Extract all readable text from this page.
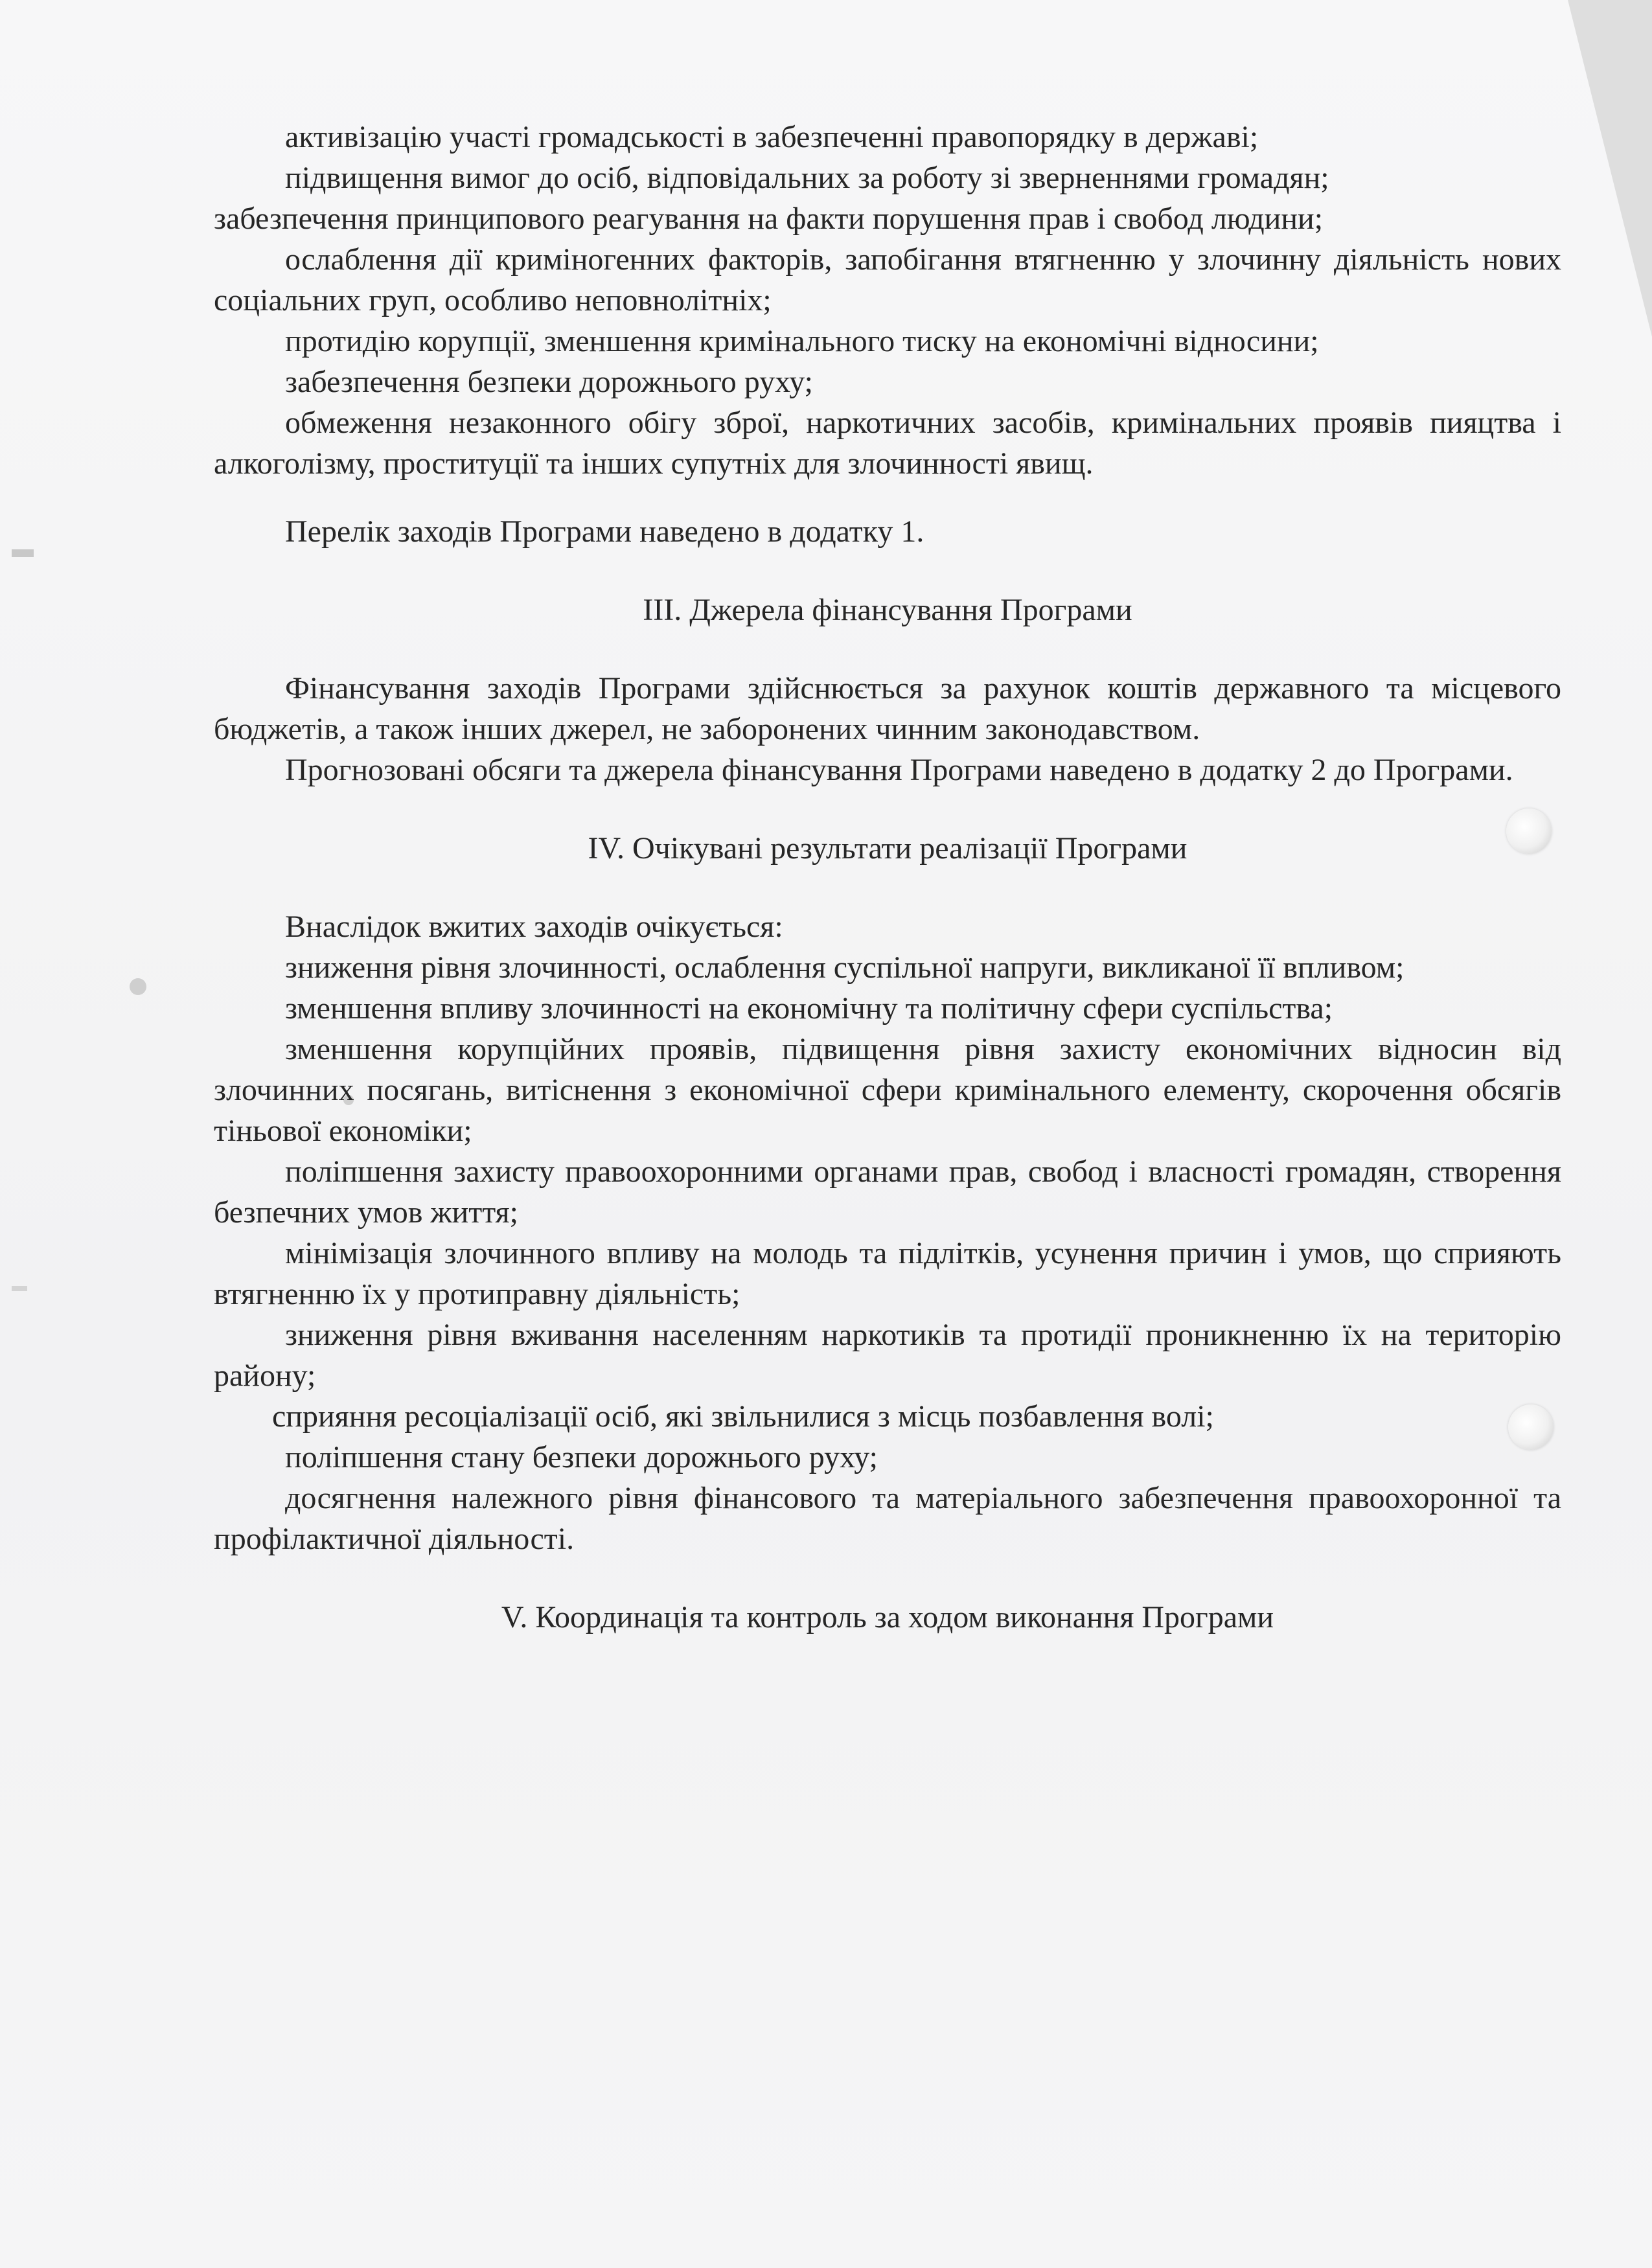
активізацію участі громадськості в забезпеченні правопорядку в державі;

підвищення вимог до осіб, відповідальних за роботу зі зверненнями громадян;

забезпечення принципового реагування на факти порушення прав і свобод людини;

ослаблення дії криміногенних факторів, запобігання втягненню у злочинну діяльність нових соціальних груп, особливо неповнолітніх;

протидію корупції, зменшення кримінального тиску на економічні відносини;

забезпечення безпеки дорожнього руху;

обмеження незаконного обігу зброї, наркотичних засобів, кримінальних проявів пияцтва і алкоголізму, проституції та інших супутніх для злочинності явищ.

Перелік заходів Програми наведено в додатку 1.

III. Джерела фінансування Програми

Фінансування заходів Програми здійснюється за рахунок коштів державного та місцевого бюджетів, а також інших джерел, не заборонених чинним законодавством.

Прогнозовані обсяги та джерела фінансування Програми наведено в додатку 2 до Програми.

IV. Очікувані результати реалізації Програми

Внаслідок вжитих заходів очікується:

зниження рівня злочинності, ослаблення суспільної напруги, викликаної її впливом;

зменшення впливу злочинності на економічну та політичну сфери суспільства;

зменшення корупційних проявів, підвищення рівня захисту економічних відносин від злочинних посягань, витіснення з економічної сфери кримінального елементу, скорочення обсягів тіньової економіки;

поліпшення захисту правоохоронними органами прав, свобод і власності громадян, створення безпечних умов життя;

мінімізація злочинного впливу на молодь та підлітків, усунення причин і умов, що сприяють втягненню їх у протиправну діяльність;

зниження рівня вживання населенням наркотиків та протидії проникненню їх на територію району;

сприяння ресоціалізації осіб, які звільнилися з місць позбавлення волі;

поліпшення стану безпеки дорожнього руху;

досягнення належного рівня фінансового та матеріального забезпечення правоохоронної та профілактичної діяльності.

V. Координація та контроль за ходом виконання Програми
